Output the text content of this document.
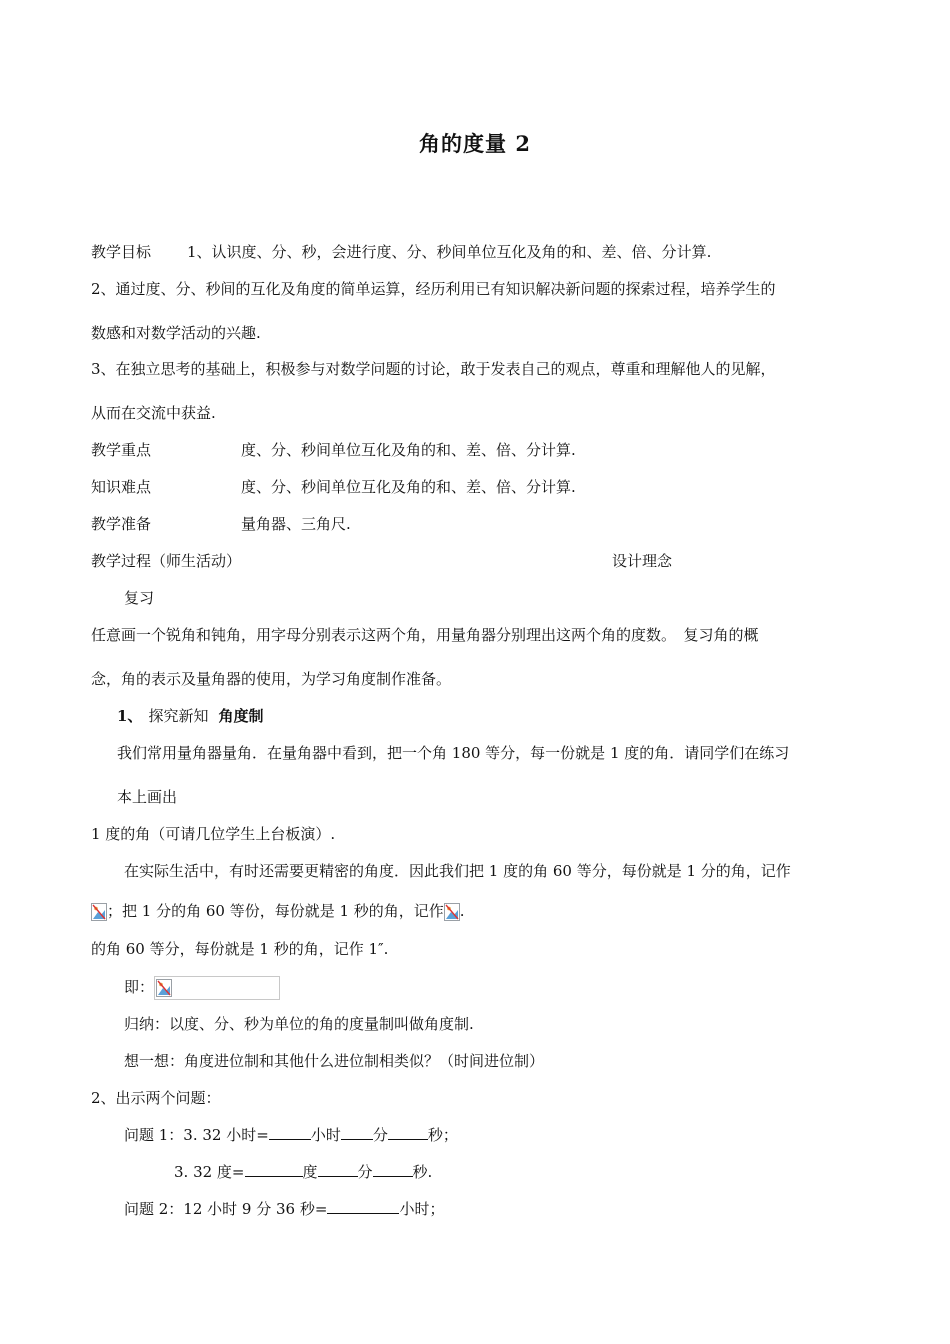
角的度量 2
教学目标 1、认识度、分、秒，会进行度、分、秒间单位互化及角的和、差、倍、分计算.
2、通过度、分、秒间的互化及角度的简单运算，经历利用已有知识解决新问题的探索过程，培养学生的
数感和对数学活动的兴趣.
3、在独立思考的基础上，积极参与对数学问题的讨论，敢于发表自己的观点，尊重和理解他人的见解，
从而在交流中获益.
教学重点	度、分、秒间单位互化及角的和、差、倍、分计算.
知识难点	度、分、秒间单位互化及角的和、差、倍、分计算.
教学准备	量角器、三角尺.
教学过程（师生活动）	设计理念
复习
任意画一个锐角和钝角，用字母分别表示这两个角，用量角器分别理出这两个角的度数。　复习角的概
念，角的表示及量角器的使用，为学习角度制作准备。
1、 探究新知 角度制
我们常用量角器量角．在量角器中看到，把一个角 180 等分，每一份就是 1 度的角．请同学们在练习
本上画出
1 度的角（可请几位学生上台板演）.
在实际生活中，有时还需要更精密的角度．因此我们把 1 度的角 60 等分，每份就是 1 分的角，记作
；把 1 分的角 60 等份，每份就是 1 秒的角，记作 .
的角 60 等分，每份就是 1 秒的角，记作 1″.
即：
归纳：以度、分、秒为单位的角的度量制叫做角度制.
想一想：角度进位制和其他什么进位制相类似？（时间进位制）
2、出示两个问题：
问题 1：3. 32 小时=	小时 分	秒；
3. 32 度=	度	分	秒.
问题 2：12 小时 9 分 36 秒=	小时；
